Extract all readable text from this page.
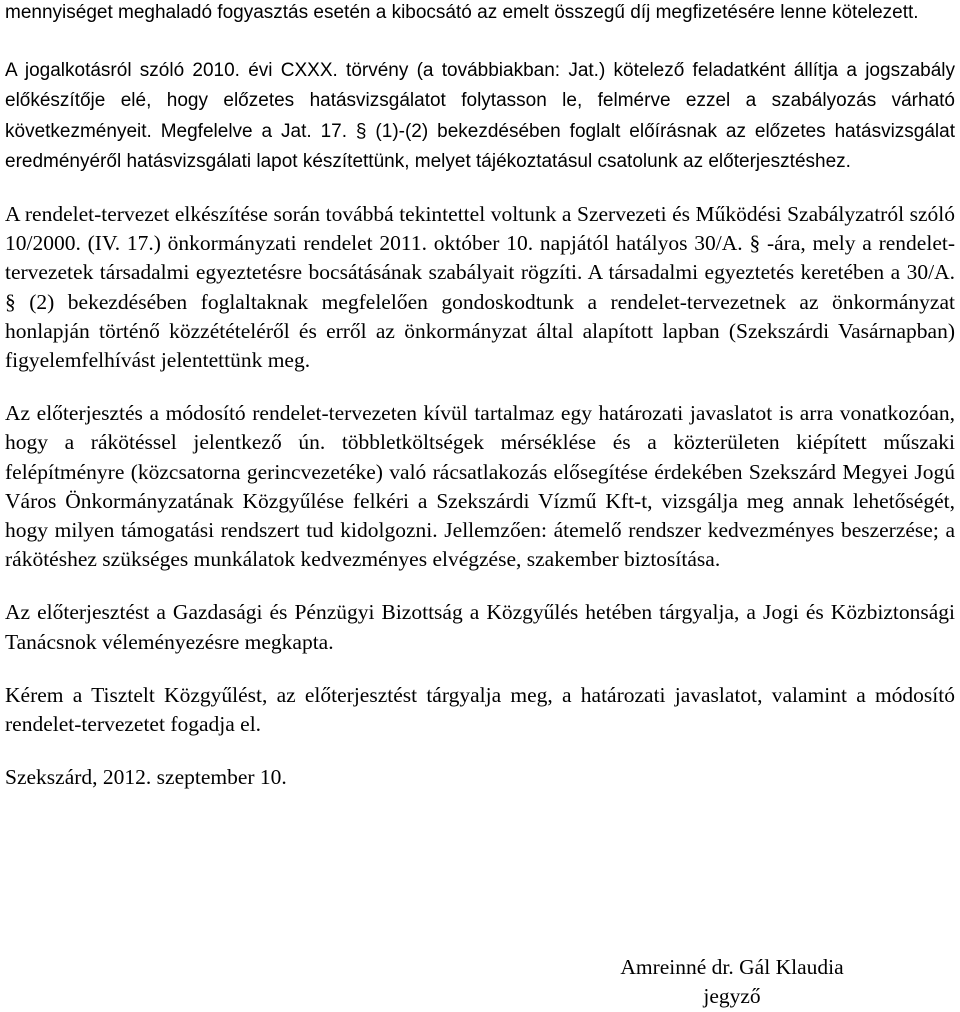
mennyiséget meghaladó fogyasztás esetén a kibocsátó az emelt összegű díj megfizetésére lenne kötelezett.

A jogalkotásról szóló 2010. évi CXXX. törvény (a továbbiakban: Jat.) kötelező feladatként állítja a jogszabály előkészítője elé, hogy előzetes hatásvizsgálatot folytasson le, felmérve ezzel a szabályozás várható következményeit. Megfelelve a Jat. 17. § (1)-(2) bekezdésében foglalt előírásnak az előzetes hatásvizsgálat eredményéről hatásvizsgálati lapot készítettünk, melyet tájékoztatásul csatolunk az előterjesztéshez.

A rendelet-tervezet elkészítése során továbbá tekintettel voltunk a Szervezeti és Működési Szabályzatról szóló 10/2000. (IV. 17.) önkormányzati rendelet 2011. október 10. napjától hatályos 30/A. § -ára, mely a rendelet-tervezetek társadalmi egyeztetésre bocsátásának szabályait rögzíti. A társadalmi egyeztetés keretében a 30/A. § (2) bekezdésében foglaltaknak megfelelően gondoskodtunk a rendelet-tervezetnek az önkormányzat honlapján történő közzétételéről és erről az önkormányzat által alapított lapban (Szekszárdi Vasárnapban) figyelemfelhívást jelentettünk meg.

Az előterjesztés a módosító rendelet-tervezeten kívül tartalmaz egy határozati javaslatot is arra vonatkozóan, hogy a rákötéssel jelentkező ún. többletköltségek mérséklése és a közterületen kiépített műszaki felépítményre (közcsatorna gerincvezetéke) való rácsatlakozás elősegítése érdekében Szekszárd Megyei Jogú Város Önkormányzatának Közgyűlése felkéri a Szekszárdi Vízmű Kft-t, vizsgálja meg annak lehetőségét, hogy milyen támogatási rendszert tud kidolgozni. Jellemzően: átemelő rendszer kedvezményes beszerzése; a rákötéshez szükséges munkálatok kedvezményes elvégzése, szakember biztosítása.

Az előterjesztést a Gazdasági és Pénzügyi Bizottság a Közgyűlés hetében tárgyalja, a Jogi és Közbiztonsági Tanácsnok véleményezésre megkapta.

Kérem a Tisztelt Közgyűlést, az előterjesztést tárgyalja meg, a határozati javaslatot, valamint a módosító rendelet-tervezetet fogadja el.

Szekszárd, 2012. szeptember 10.

Amreinné dr. Gál Klaudia
jegyző
